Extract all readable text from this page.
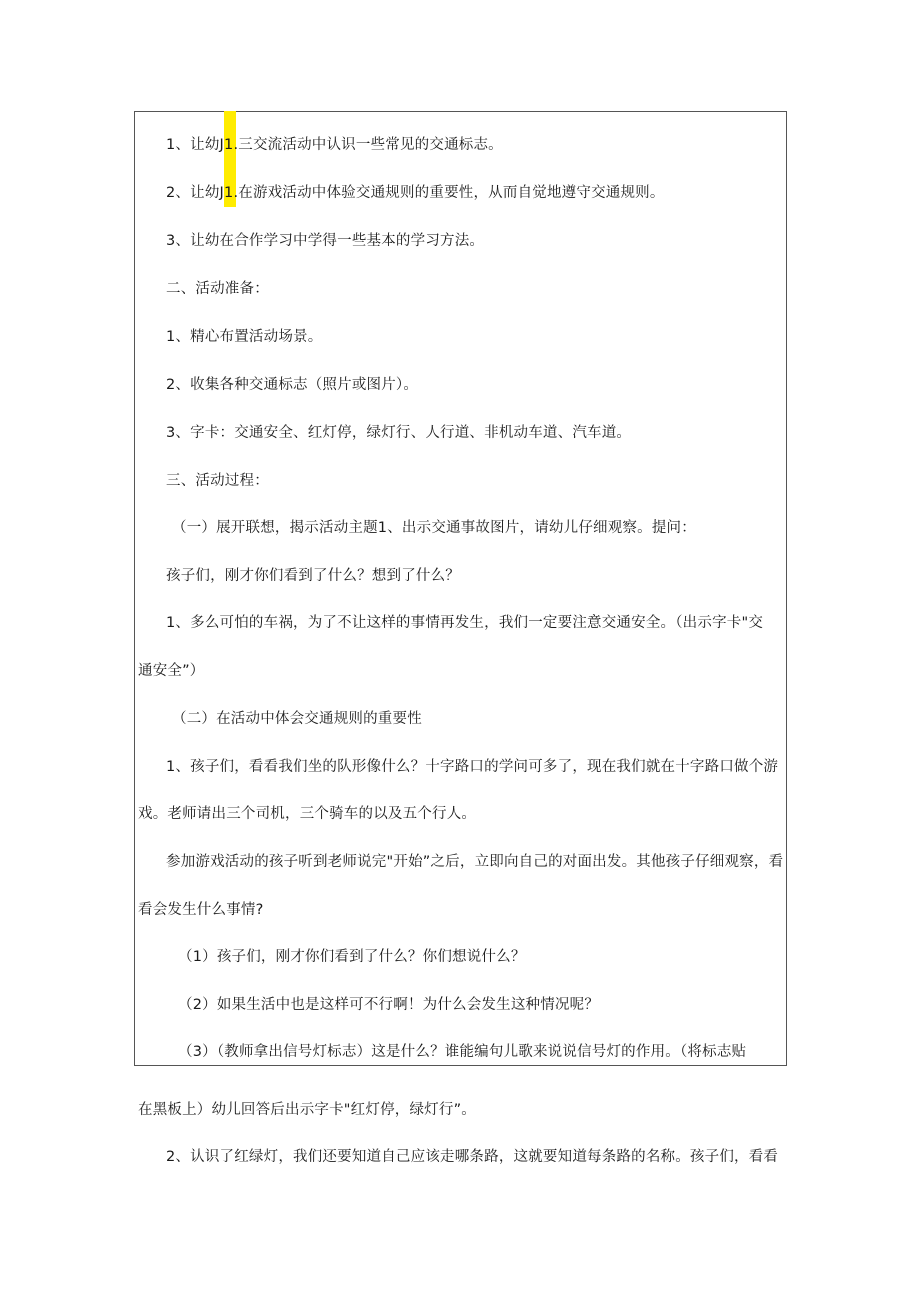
1、让幼J1.三交流活动中认识一些常见的交通标志。
2、让幼J1.在游戏活动中体验交通规则的重要性，从而自觉地遵守交通规则。
3、让幼在合作学习中学得一些基本的学习方法。
二、活动准备：
1、精心布置活动场景。
2、收集各种交通标志（照片或图片）。
3、字卡：交通安全、红灯停，绿灯行、人行道、非机动车道、汽车道。
三、活动过程：
（一）展开联想，揭示活动主题1、出示交通事故图片，请幼儿仔细观察。提问：
孩子们，刚才你们看到了什么？想到了什么？
1、多么可怕的车祸，为了不让这样的事情再发生，我们一定要注意交通安全。（出示字卡"交
通安全”）
（二）在活动中体会交通规则的重要性
1、孩子们，看看我们坐的队形像什么？十字路口的学问可多了，现在我们就在十字路口做个游
戏。老师请出三个司机，三个骑车的以及五个行人。
参加游戏活动的孩子听到老师说完"开始”之后，立即向自己的对面出发。其他孩子仔细观察，看
看会发生什么事情?
（1）孩子们，刚才你们看到了什么？你们想说什么？
（2）如果生活中也是这样可不行啊！为什么会发生这种情况呢？
（3）（教师拿出信号灯标志）这是什么？谁能编句儿歌来说说信号灯的作用。（将标志贴
在黑板上）幼儿回答后出示字卡"红灯停，绿灯行”。
2、认识了红绿灯，我们还要知道自己应该走哪条路，这就要知道每条路的名称。孩子们，看看
